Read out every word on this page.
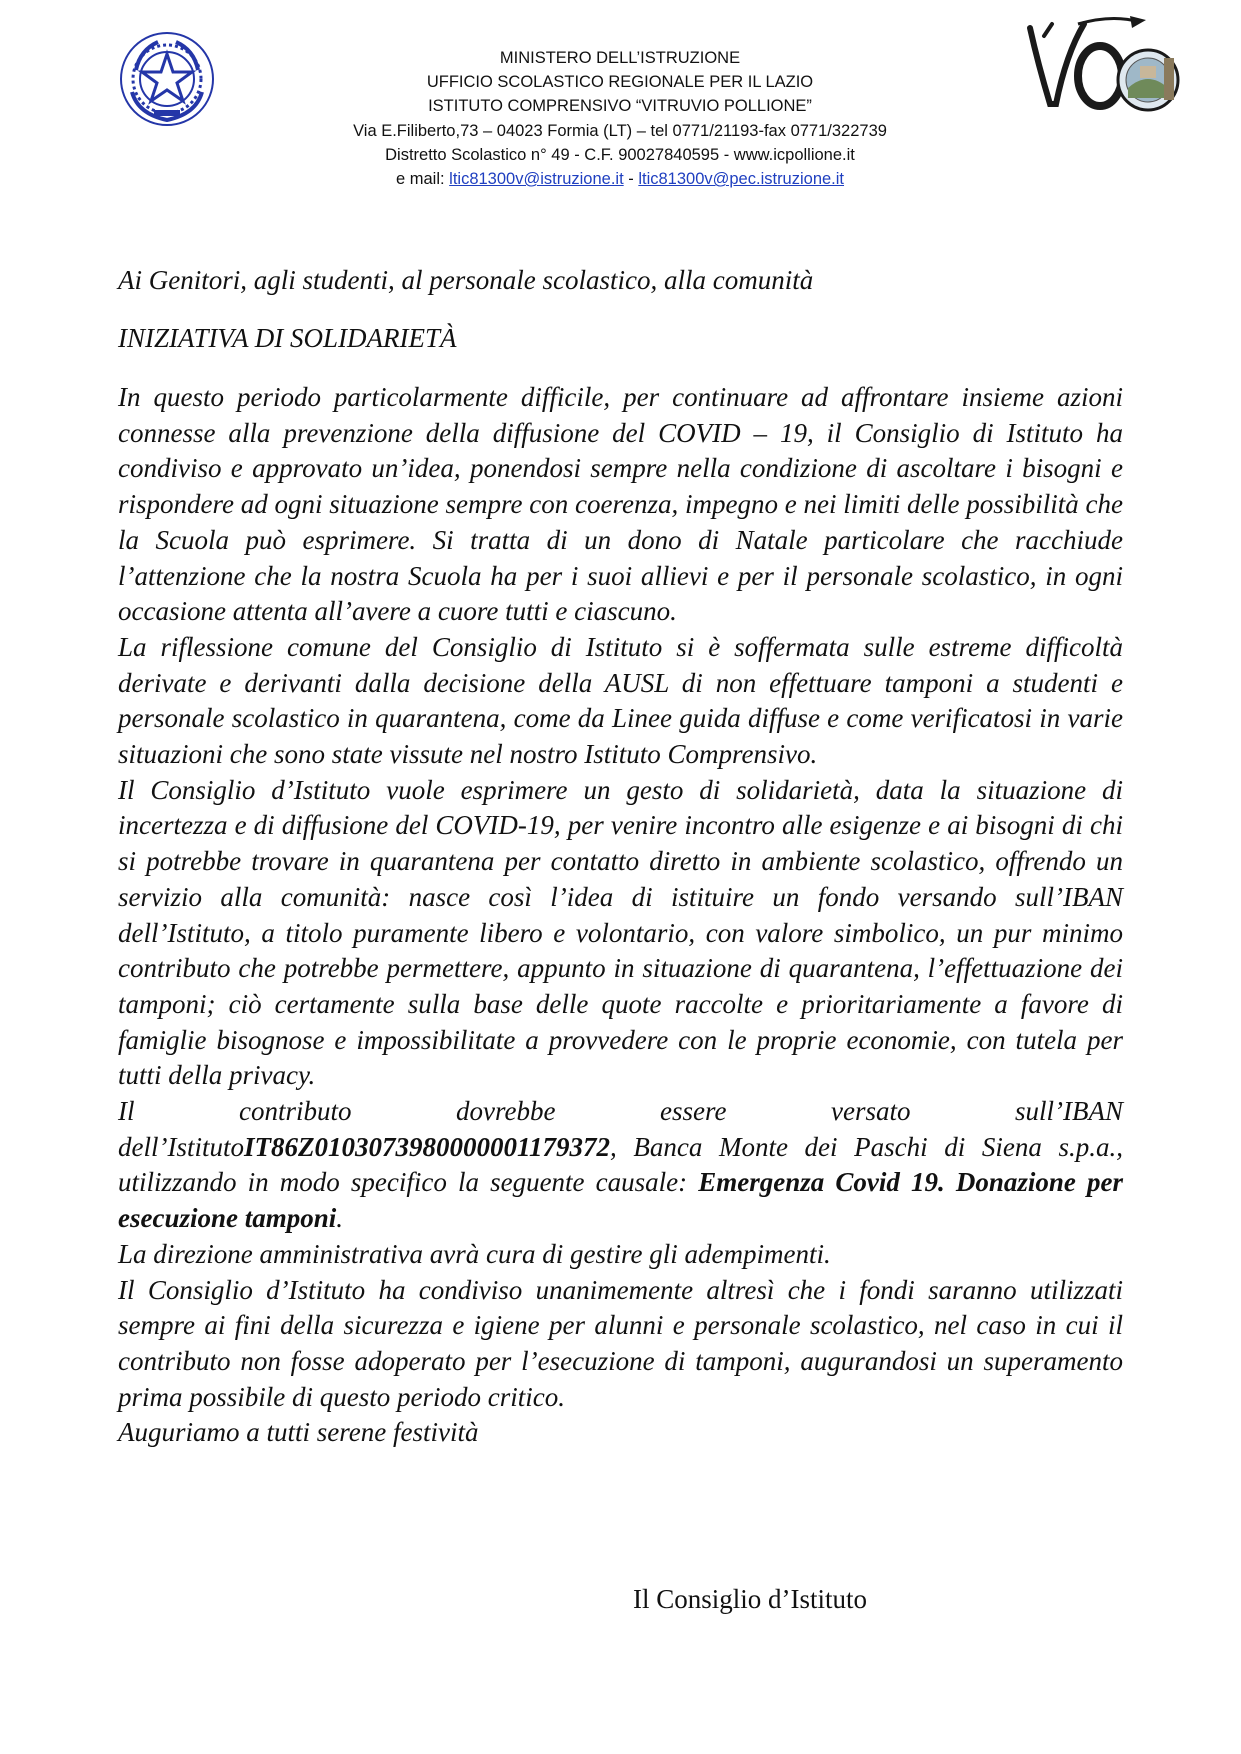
MINISTERO DELL’ISTRUZIONE
UFFICIO SCOLASTICO REGIONALE PER IL LAZIO
ISTITUTO COMPRENSIVO “VITRUVIO POLLIONE”
Via E.Filiberto,73 – 04023 Formia (LT) – tel 0771/21193-fax 0771/322739
Distretto Scolastico n° 49 - C.F. 90027840595 - www.icpollione.it
e mail: ltic81300v@istruzione.it - ltic81300v@pec.istruzione.it

Ai Genitori, agli studenti, al personale scolastico, alla comunità

INIZIATIVA DI SOLIDARIETÀ

In questo periodo particolarmente difficile, per continuare ad affrontare insieme azioni connesse alla prevenzione della diffusione del COVID – 19, il Consiglio di Istituto ha condiviso e approvato un’idea, ponendosi sempre nella condizione di ascoltare i bisogni e rispondere ad ogni situazione sempre con coerenza, impegno e nei limiti delle possibilità che la Scuola può esprimere. Si tratta di un dono di Natale particolare che racchiude l’attenzione che la nostra Scuola ha per i suoi allievi e per il personale scolastico, in ogni occasione attenta all’avere a cuore tutti e ciascuno.

La riflessione comune del Consiglio di Istituto si è soffermata sulle estreme difficoltà derivate e derivanti dalla decisione della AUSL di non effettuare tamponi a studenti e personale scolastico in quarantena, come da Linee guida diffuse e come verificatosi in varie situazioni che sono state vissute nel nostro Istituto Comprensivo.

Il Consiglio d’Istituto vuole esprimere un gesto di solidarietà, data la situazione di incertezza e di diffusione del COVID-19, per venire incontro alle esigenze e ai bisogni di chi si potrebbe trovare in quarantena per contatto diretto in ambiente scolastico, offrendo un servizio alla comunità: nasce così l’idea di istituire un fondo versando sull’IBAN dell’Istituto, a titolo puramente libero e volontario, con valore simbolico, un pur minimo contributo che potrebbe permettere, appunto in situazione di quarantena, l’effettuazione dei tamponi; ciò certamente sulla base delle quote raccolte e prioritariamente a favore di famiglie bisognose e impossibilitate a provvedere con le proprie economie, con tutela per tutti della privacy.

Il contributo dovrebbe essere versato sull’IBAN dell’IstitutoIT86Z0103073980000001179372, Banca Monte dei Paschi di Siena s.p.a., utilizzando in modo specifico la seguente causale: Emergenza Covid 19. Donazione per esecuzione tamponi.

La direzione amministrativa avrà cura di gestire gli adempimenti.

Il Consiglio d’Istituto ha condiviso unanimemente altresì che i fondi saranno utilizzati sempre ai fini della sicurezza e igiene per alunni e personale scolastico, nel caso in cui il contributo non fosse adoperato per l’esecuzione di tamponi, augurandosi un superamento prima possibile di questo periodo critico.

Auguriamo a tutti serene festività

Il Consiglio d’Istituto
